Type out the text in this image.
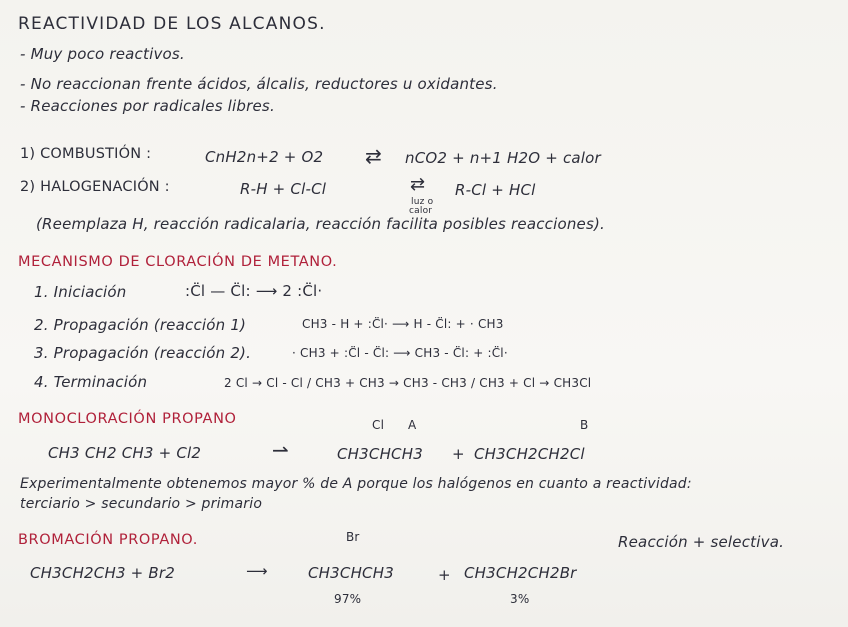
REACTIVIDAD DE LOS ALCANOS.
- Muy poco reactivos.
- No reaccionan frente ácidos, álcalis, reductores u oxidantes.
- Reacciones por radicales libres.
1) COMBUSTIÓN :	CnH2n+2 + O2 ⇄ nCO2 + n+1 H2O + calor
2) HALOGENACIÓN :	R-H + Cl-Cl	⇄
luz o
calor
R-Cl + HCl
(Reemplaza H, reacción radicalaria, reacción facilita posibles reacciones).
MECANISMO DE CLORACIÓN DE METANO.
1. Iniciación	:C̈l — C̈l: ⟶ 2 :C̈l·
2. Propagación (reacción 1)	CH3 - H + :C̈l· ⟶ H - C̈l: + · CH3
3. Propagación (reacción 2).	· CH3 + :C̈l - C̈l: ⟶ CH3 - C̈l: + :C̈l·
4. Terminación	2 Cl → Cl - Cl / CH3 + CH3 → CH3 - CH3 / CH3 + Cl → CH3Cl
MONOCLORACIÓN PROPANO	Cl A	B
CH3 CH2 CH3 + Cl2	⇀	CH3CHCH3 + CH3CH2CH2Cl
Experimentalmente obtenemos mayor % de A porque los halógenos en cuanto a reactividad:
terciario > secundario > primario
BROMACIÓN PROPANO.	Br	Reacción + selectiva.
CH3CH2CH3 + Br2	⟶	CH3CHCH3	+ CH3CH2CH2Br
97%	3%
